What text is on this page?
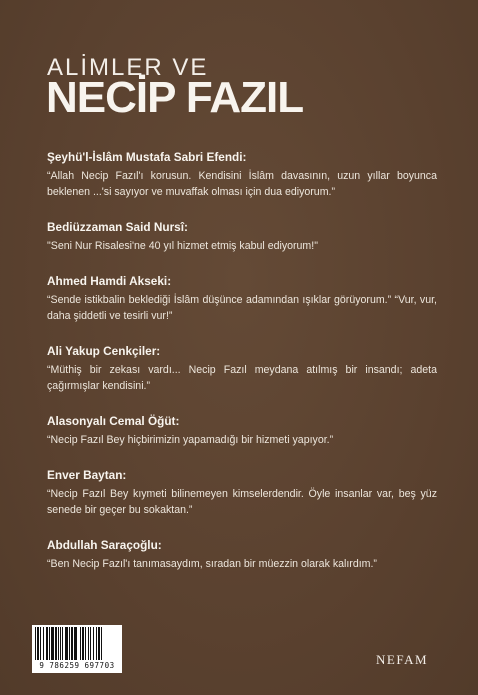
ALİMLER VE
NECİP FAZIL
Şeyhü'l-İslâm Mustafa Sabri Efendi:

“Allah Necip Fazıl'ı korusun. Kendisini İslâm davasının, uzun yıllar boyunca beklenen ...'si sayıyor ve muvaffak olması için dua ediyorum.”

Bediüzzaman Said Nursî:

"Seni Nur Risalesi'ne 40 yıl hizmet etmiş kabul ediyorum!"

Ahmed Hamdi Akseki:

“Sende istikbalin beklediği İslâm düşünce adamından ışıklar görüyorum.” “Vur, vur, daha şiddetli ve tesirli vur!”

Ali Yakup Cenkçiler:

“Müthiş bir zekası vardı... Necip Fazıl meydana atılmış bir insandı; adeta çağırmışlar kendisini.”

Alasonyalı Cemal Öğüt:

“Necip Fazıl Bey hiçbirimizin yapamadığı bir hizmeti yapıyor.”

Enver Baytan:

“Necip Fazıl Bey kıymeti bilinemeyen kimselerdendir. Öyle insanlar var, beş yüz senede bir geçer bu sokaktan.”

Abdullah Saraçoğlu:

“Ben Necip Fazıl'ı tanımasaydım, sıradan bir müezzin olarak kalırdım.”

9 786259 697703	NEFAM
